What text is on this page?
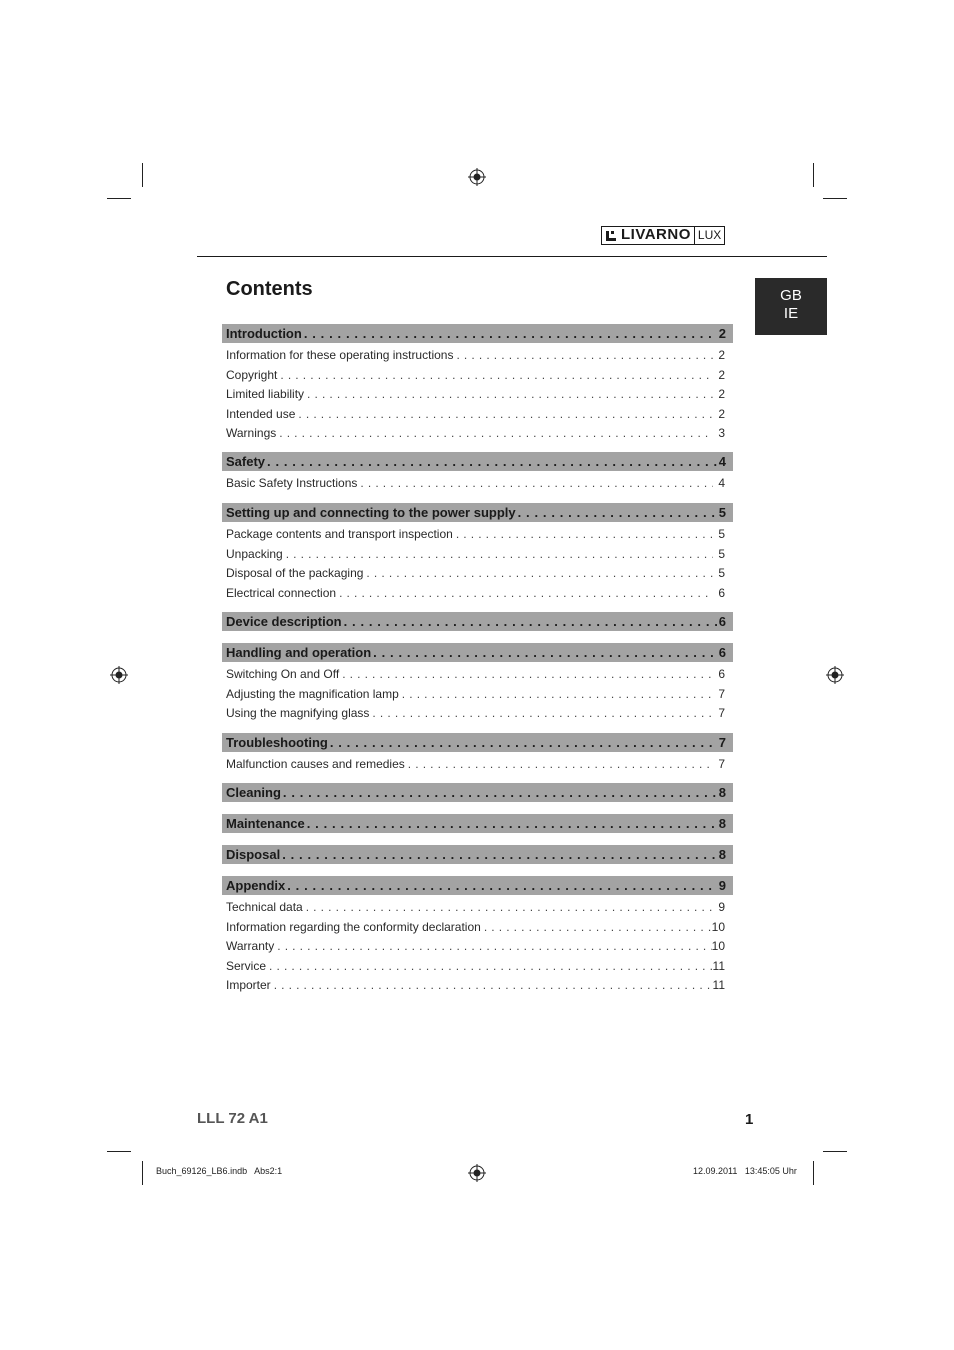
LIVARNO LUX
GB
IE
Contents
Introduction . . .	2
Information for these operating instructions . . .	2
Copyright . . .	2
Limited liability . . .	2
Intended use . . .	2
Warnings . . .	3
Safety . . .	4
Basic Safety Instructions . . .	4
Setting up and connecting to the power supply . . .	5
Package contents and transport inspection . . .	5
Unpacking . . .	5
Disposal of the packaging . . .	5
Electrical connection . . .	6
Device description . . .	6
Handling and operation . . .	6
Switching On and Off . . .	6
Adjusting the magnification lamp . . .	7
Using the magnifying glass . . .	7
Troubleshooting . . .	7
Malfunction causes and remedies . . .	7
Cleaning . . .	8
Maintenance . . .	8
Disposal . . .	8
Appendix . . .	9
Technical data . . .	9
Information regarding the conformity declaration . . .	10
Warranty . . .	10
Service . . .	11
Importer . . .	11
LLL 72 A1	1
Buch_69126_LB6.indb   Abs2:1	12.09.2011   13:45:05 Uhr
